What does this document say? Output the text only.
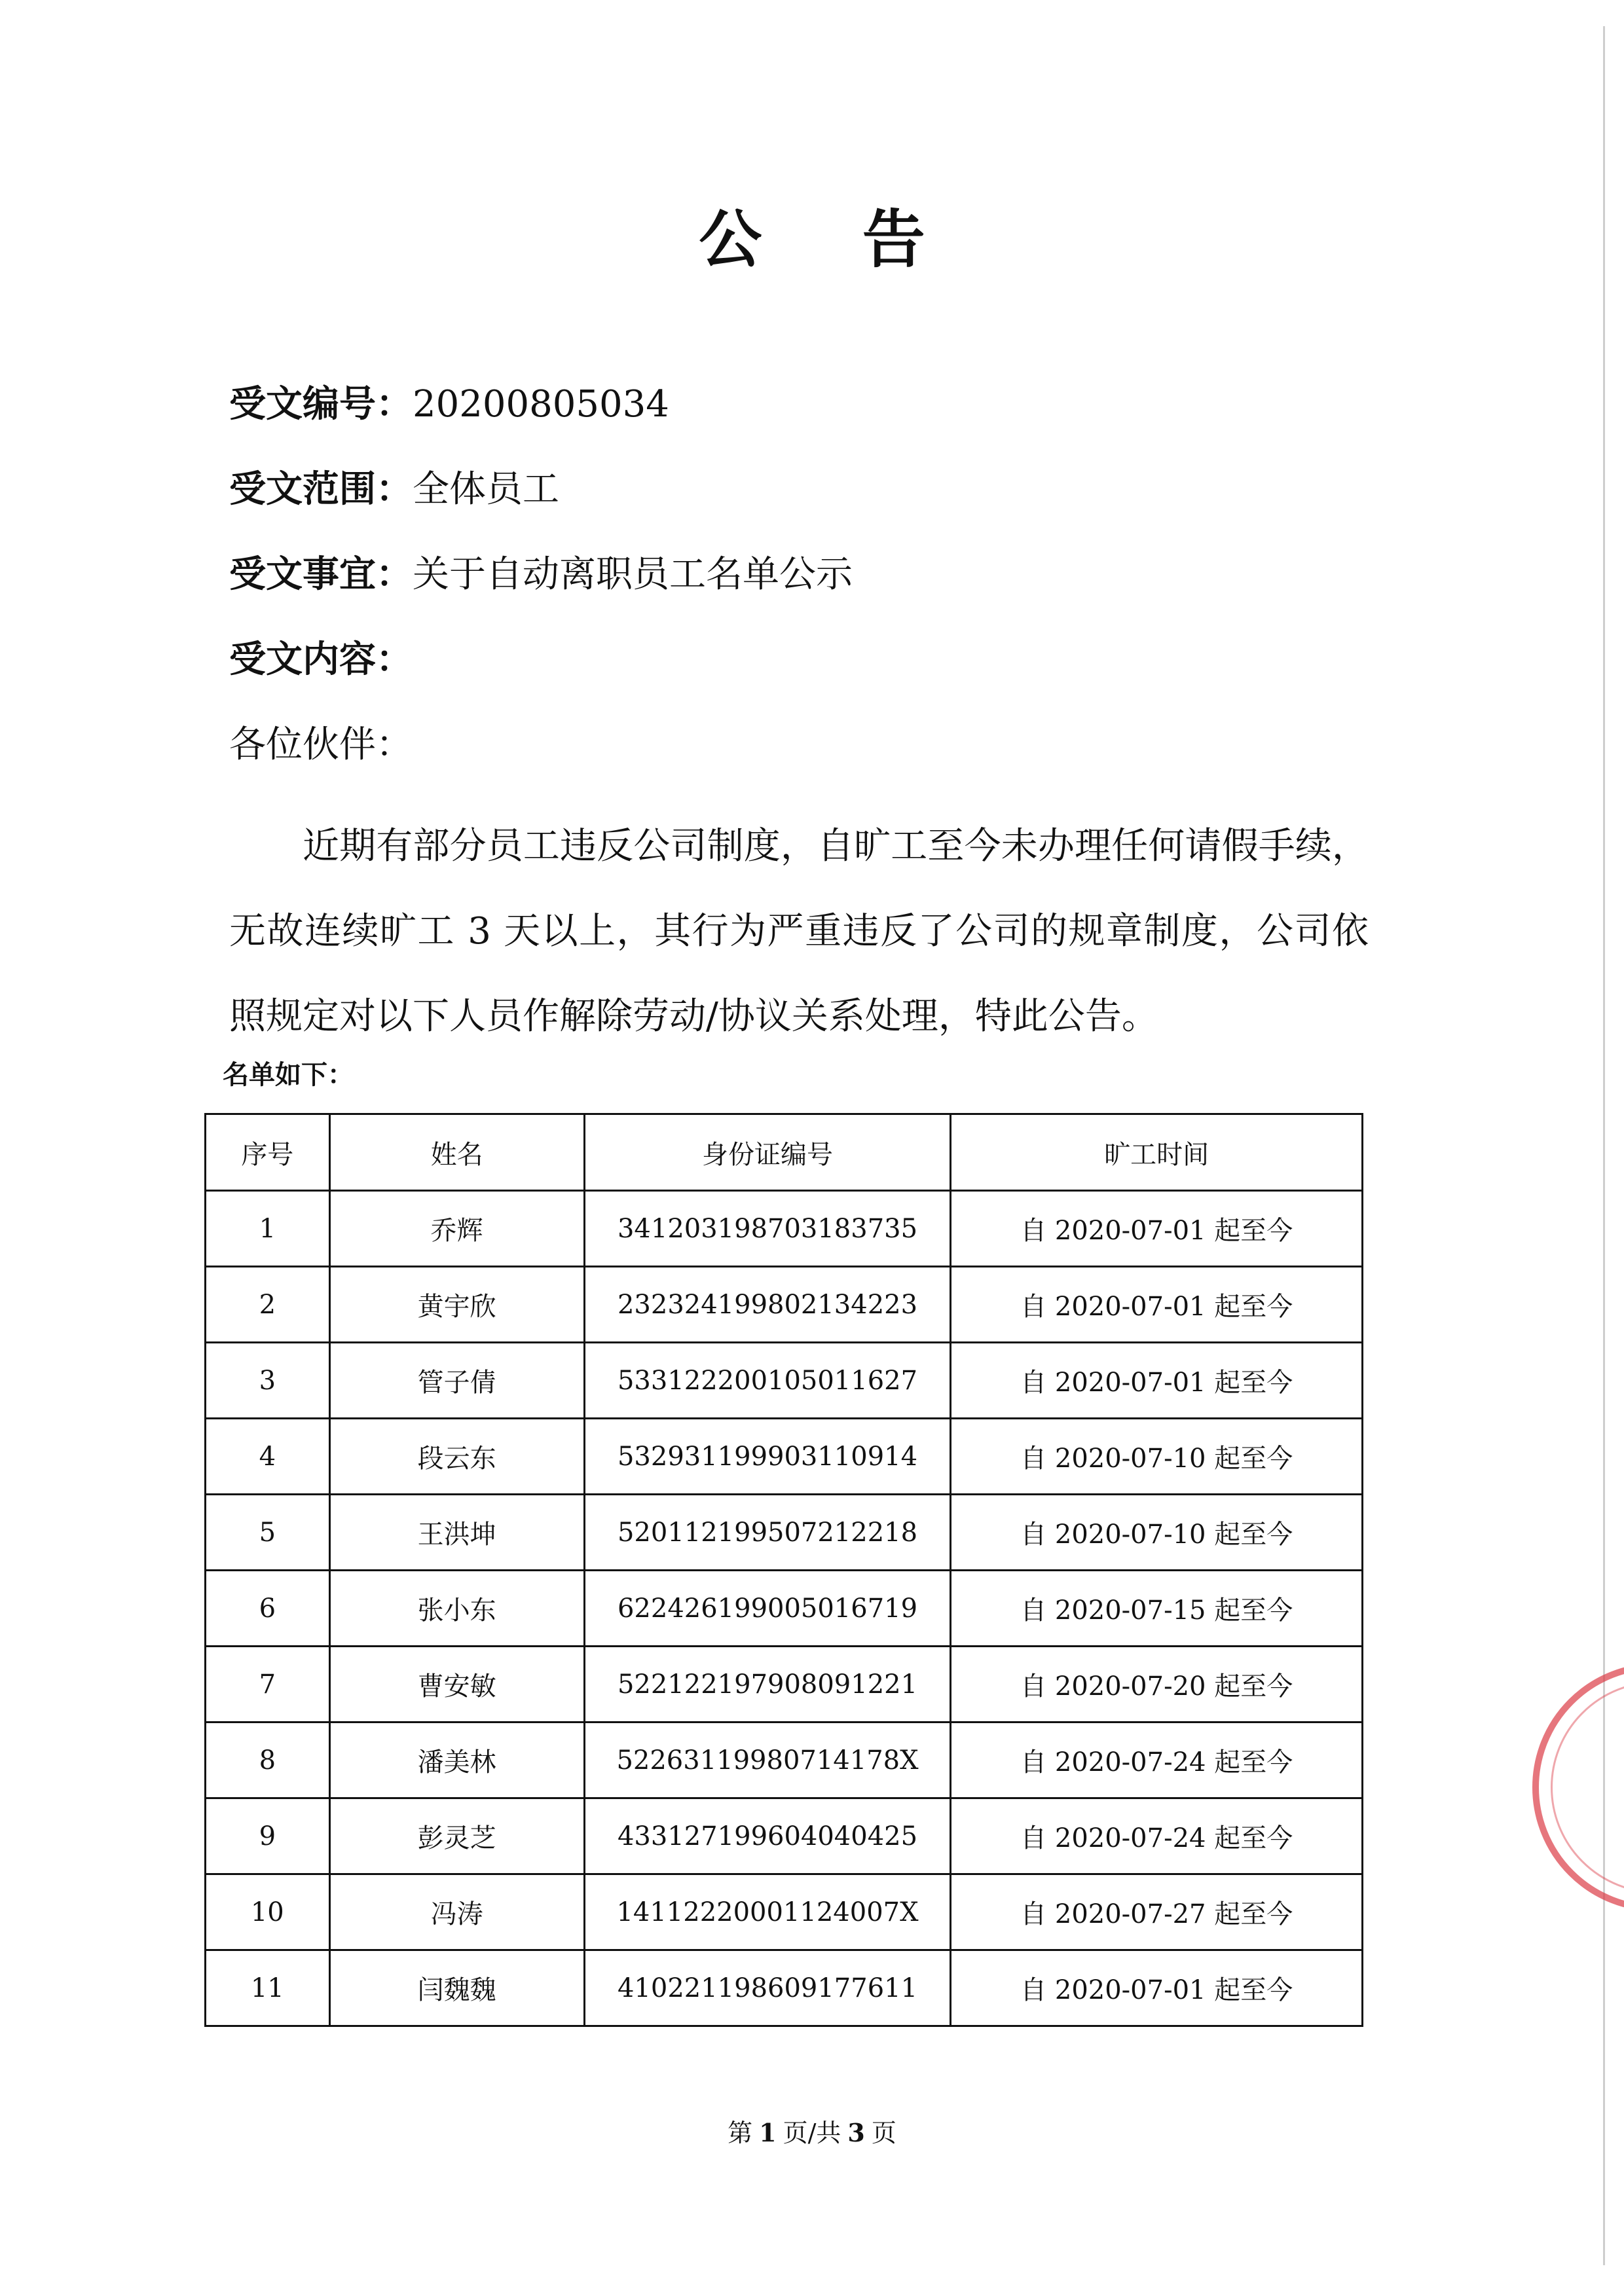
公 告
受文编号：20200805034
受文范围：全体员工
受文事宜：关于自动离职员工名单公示
受文内容：
各位伙伴：
近期有部分员工违反公司制度，自旷工至今未办理任何请假手续，无故连续旷工 3 天以上，其行为严重违反了公司的规章制度，公司依照规定对以下人员作解除劳动/协议关系处理，特此公告。
名单如下：
序号	姓名	身份证编号	旷工时间
1	乔辉	341203198703183735	自 2020-07-01 起至今
2	黄宇欣	232324199802134223	自 2020-07-01 起至今
3	管子倩	533122200105011627	自 2020-07-01 起至今
4	段云东	532931199903110914	自 2020-07-10 起至今
5	王洪坤	520112199507212218	自 2020-07-10 起至今
6	张小东	622426199005016719	自 2020-07-15 起至今
7	曹安敏	522122197908091221	自 2020-07-20 起至今
8	潘美林	52263119980714178X	自 2020-07-24 起至今
9	彭灵芝	433127199604040425	自 2020-07-24 起至今
10	冯涛	14112220001124007X	自 2020-07-27 起至今
11	闫魏魏	410221198609177611	自 2020-07-01 起至今
第 1 页/共 3 页
